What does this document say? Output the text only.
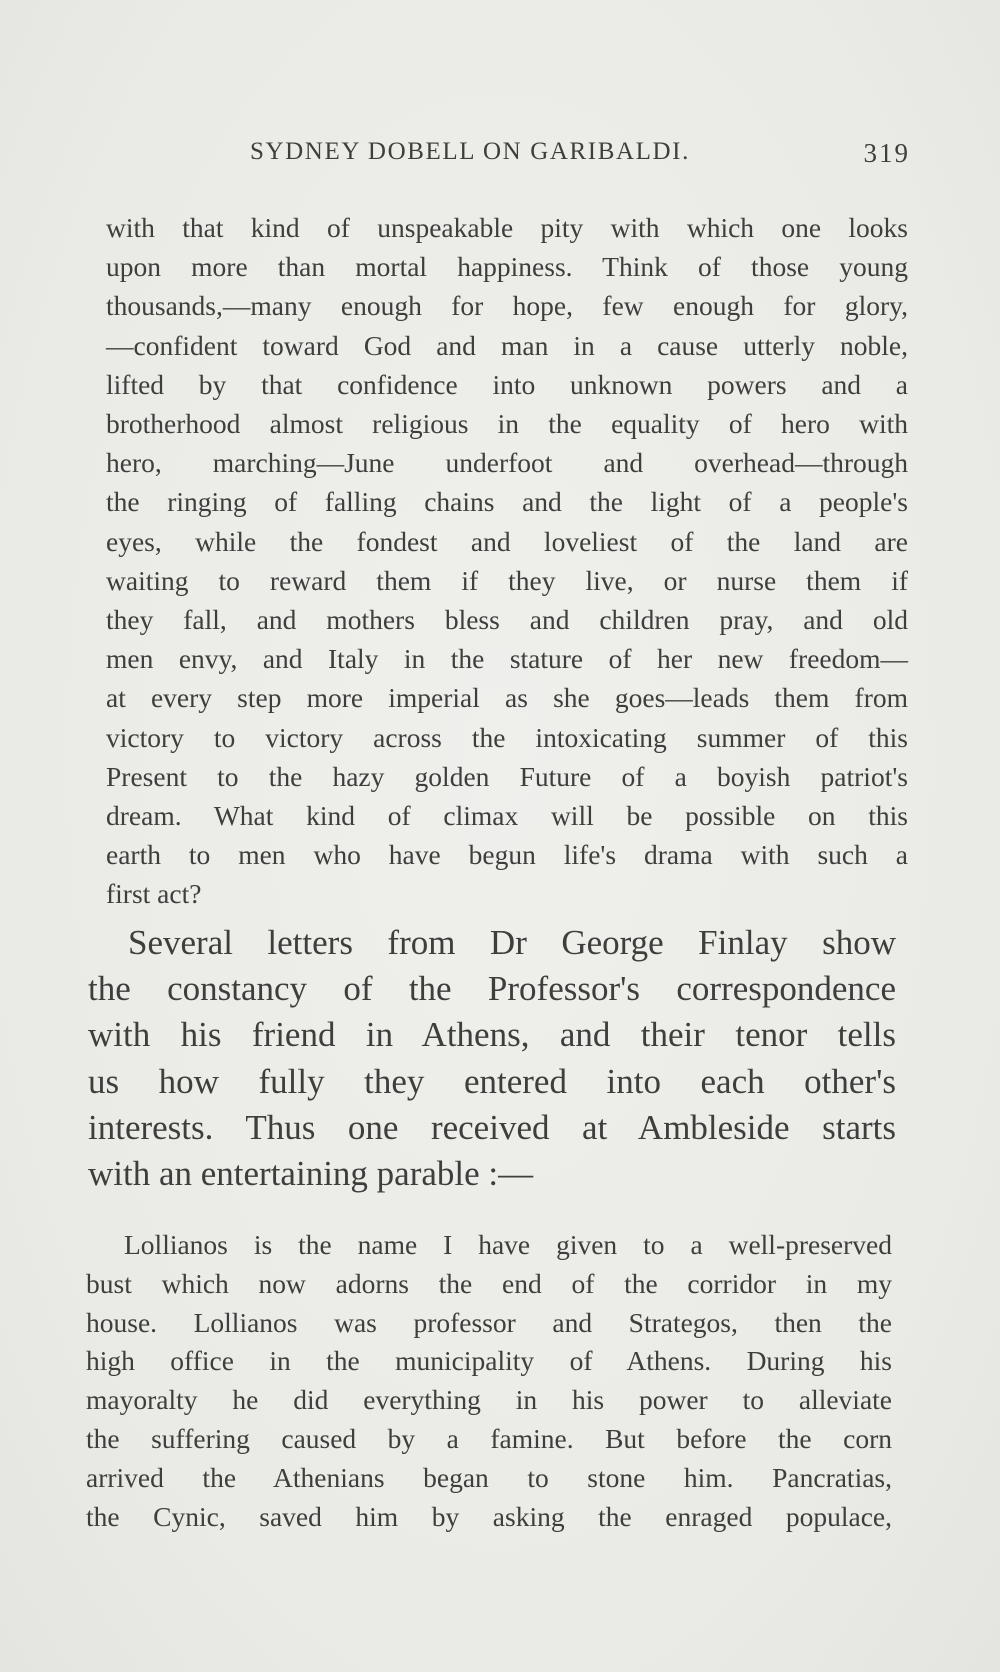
SYDNEY DOBELL ON GARIBALDI.	319
with that kind of unspeakable pity with which one looks
upon more than mortal happiness. Think of those young
thousands,—many enough for hope, few enough for glory,
—confident toward God and man in a cause utterly noble,
lifted by that confidence into unknown powers and a
brotherhood almost religious in the equality of hero with
hero, marching—June underfoot and overhead—through
the ringing of falling chains and the light of a people's
eyes, while the fondest and loveliest of the land are
waiting to reward them if they live, or nurse them if
they fall, and mothers bless and children pray, and old
men envy, and Italy in the stature of her new freedom—
at every step more imperial as she goes—leads them from
victory to victory across the intoxicating summer of this
Present to the hazy golden Future of a boyish patriot's
dream. What kind of climax will be possible on this
earth to men who have begun life's drama with such a
first act?
Several letters from Dr George Finlay show
the constancy of the Professor's correspondence
with his friend in Athens, and their tenor tells
us how fully they entered into each other's
interests. Thus one received at Ambleside starts
with an entertaining parable :—
Lollianos is the name I have given to a well-preserved
bust which now adorns the end of the corridor in my
house. Lollianos was professor and Strategos, then the
high office in the municipality of Athens. During his
mayoralty he did everything in his power to alleviate
the suffering caused by a famine. But before the corn
arrived the Athenians began to stone him. Pancratias,
the Cynic, saved him by asking the enraged populace,
